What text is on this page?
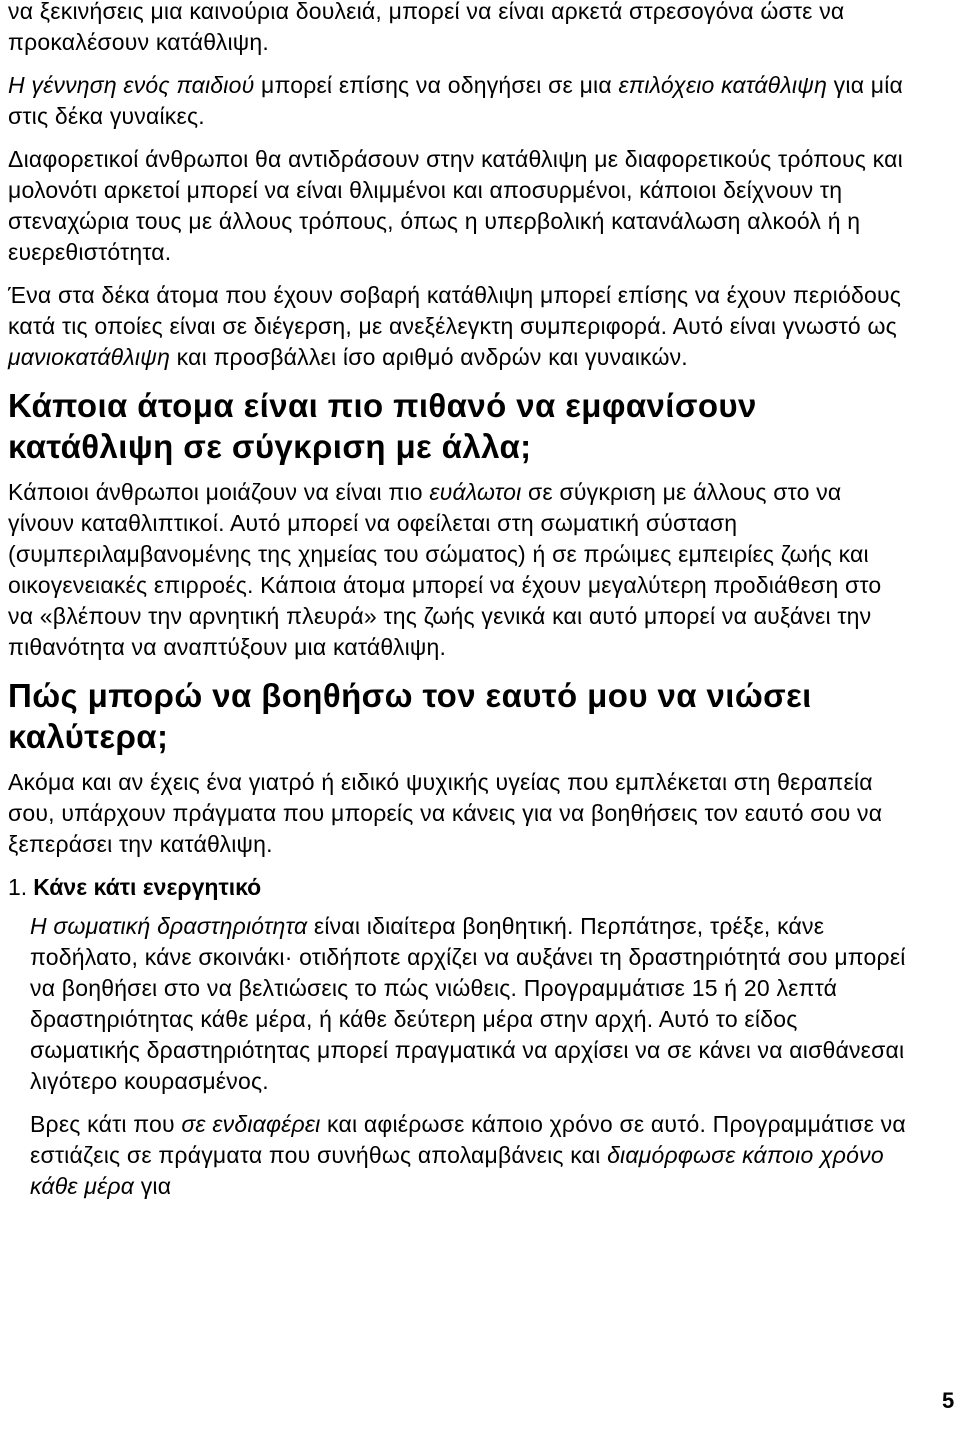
να ξεκινήσεις μια καινούρια δουλειά, μπορεί να είναι αρκετά στρεσογόνα ώστε να προκαλέσουν κατάθλιψη.

Η γέννηση ενός παιδιού μπορεί επίσης να οδηγήσει σε μια επιλόχειο κατάθλιψη για μία στις δέκα γυναίκες.

Διαφορετικοί άνθρωποι θα αντιδράσουν στην κατάθλιψη με διαφορετικούς τρόπους και μολονότι αρκετοί μπορεί να είναι θλιμμένοι και αποσυρμένοι, κάποιοι δείχνουν τη στεναχώρια τους με άλλους τρόπους, όπως η υπερβολική κατανάλωση αλκοόλ ή η ευερεθιστότητα.

Ένα στα δέκα άτομα που έχουν σοβαρή κατάθλιψη μπορεί επίσης να έχουν περιόδους κατά τις οποίες είναι σε διέγερση, με ανεξέλεγκτη συμπεριφορά. Αυτό είναι γνωστό ως μανιοκατάθλιψη και προσβάλλει ίσο αριθμό ανδρών και γυναικών.

Κάποια άτομα είναι πιο πιθανό να εμφανίσουν κατάθλιψη σε σύγκριση με άλλα;

Κάποιοι άνθρωποι μοιάζουν να είναι πιο ευάλωτοι σε σύγκριση με άλλους στο να γίνουν καταθλιπτικοί. Αυτό μπορεί να οφείλεται στη σωματική σύσταση (συμπεριλαμβανομένης της χημείας του σώματος) ή σε πρώιμες εμπειρίες ζωής και οικογενειακές επιρροές. Κάποια άτομα μπορεί να έχουν μεγαλύτερη προδιάθεση στο να «βλέπουν την αρνητική πλευρά» της ζωής γενικά και αυτό μπορεί να αυξάνει την πιθανότητα να αναπτύξουν μια κατάθλιψη.

Πώς μπορώ να βοηθήσω τον εαυτό μου να νιώσει καλύτερα;

Ακόμα και αν έχεις ένα γιατρό ή ειδικό ψυχικής υγείας που εμπλέκεται στη θεραπεία σου, υπάρχουν πράγματα που μπορείς να κάνεις για να βοηθήσεις τον εαυτό σου να ξεπεράσει την κατάθλιψη.

1. Κάνε κάτι ενεργητικό

Η σωματική δραστηριότητα είναι ιδιαίτερα βοηθητική. Περπάτησε, τρέξε, κάνε ποδήλατο, κάνε σκοινάκι· οτιδήποτε αρχίζει να αυξάνει τη δραστηριότητά σου μπορεί να βοηθήσει στο να βελτιώσεις το πώς νιώθεις. Προγραμμάτισε 15 ή 20 λεπτά δραστηριότητας κάθε μέρα, ή κάθε δεύτερη μέρα στην αρχή. Αυτό το είδος σωματικής δραστηριότητας μπορεί πραγματικά να αρχίσει να σε κάνει να αισθάνεσαι λιγότερο κουρασμένος.

Βρες κάτι που σε ενδιαφέρει και αφιέρωσε κάποιο χρόνο σε αυτό. Προγραμμάτισε να εστιάζεις σε πράγματα που συνήθως απολαμβάνεις και διαμόρφωσε κάποιο χρόνο κάθε μέρα για

5
